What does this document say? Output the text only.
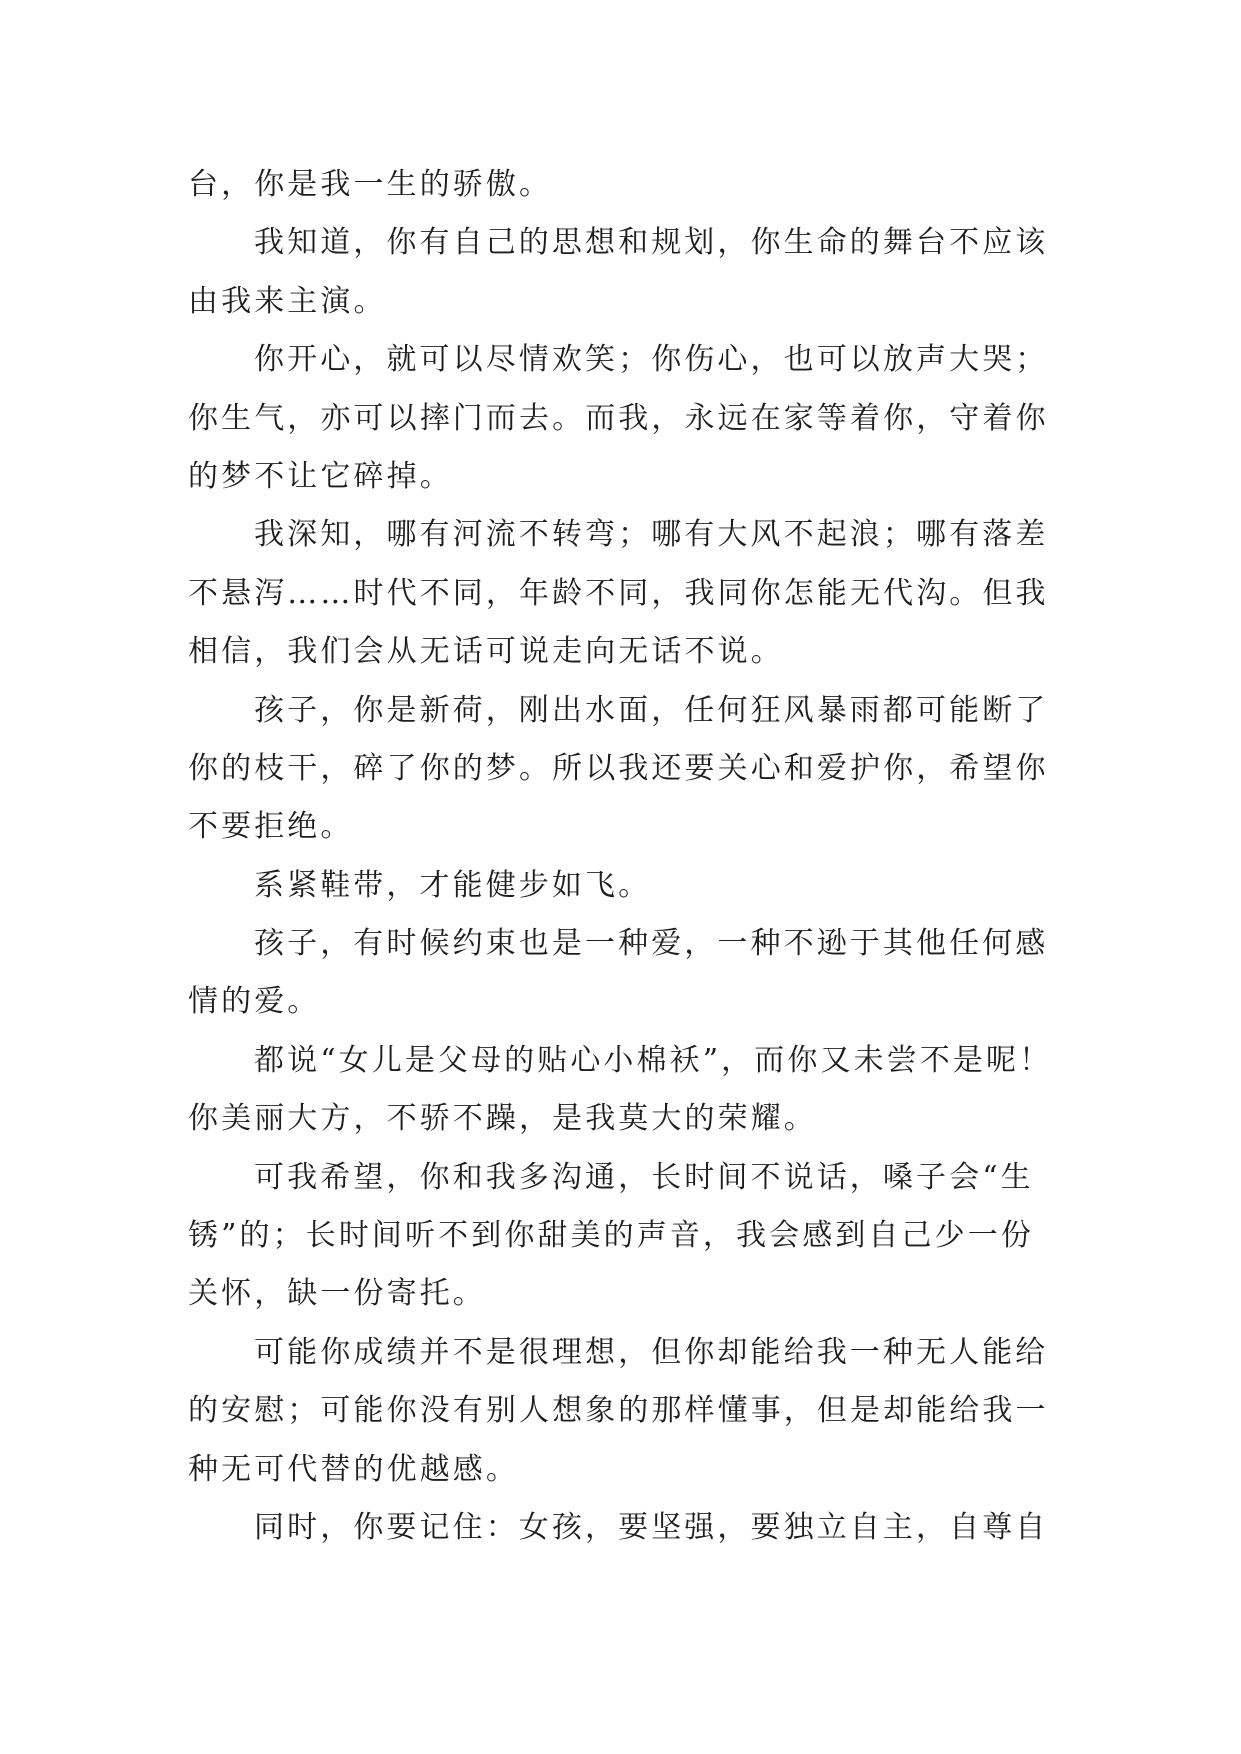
台，你是我一生的骄傲。
我知道，你有自己的思想和规划，你生命的舞台不应该
由我来主演。
你开心，就可以尽情欢笑；你伤心，也可以放声大哭；
你生气，亦可以摔门而去。而我，永远在家等着你，守着你
的梦不让它碎掉。
我深知，哪有河流不转弯；哪有大风不起浪；哪有落差
不悬泻……时代不同，年龄不同，我同你怎能无代沟。但我
相信，我们会从无话可说走向无话不说。
孩子，你是新荷，刚出水面，任何狂风暴雨都可能断了
你的枝干，碎了你的梦。所以我还要关心和爱护你，希望你
不要拒绝。
系紧鞋带，才能健步如飞。
孩子，有时候约束也是一种爱，一种不逊于其他任何感
情的爱。
都说“女儿是父母的贴心小棉袄”，而你又未尝不是呢！
你美丽大方，不骄不躁，是我莫大的荣耀。
可我希望，你和我多沟通，长时间不说话，嗓子会“生
锈”的；长时间听不到你甜美的声音，我会感到自己少一份
关怀，缺一份寄托。
可能你成绩并不是很理想，但你却能给我一种无人能给
的安慰；可能你没有别人想象的那样懂事，但是却能给我一
种无可代替的优越感。
同时，你要记住：女孩，要坚强，要独立自主，自尊自
